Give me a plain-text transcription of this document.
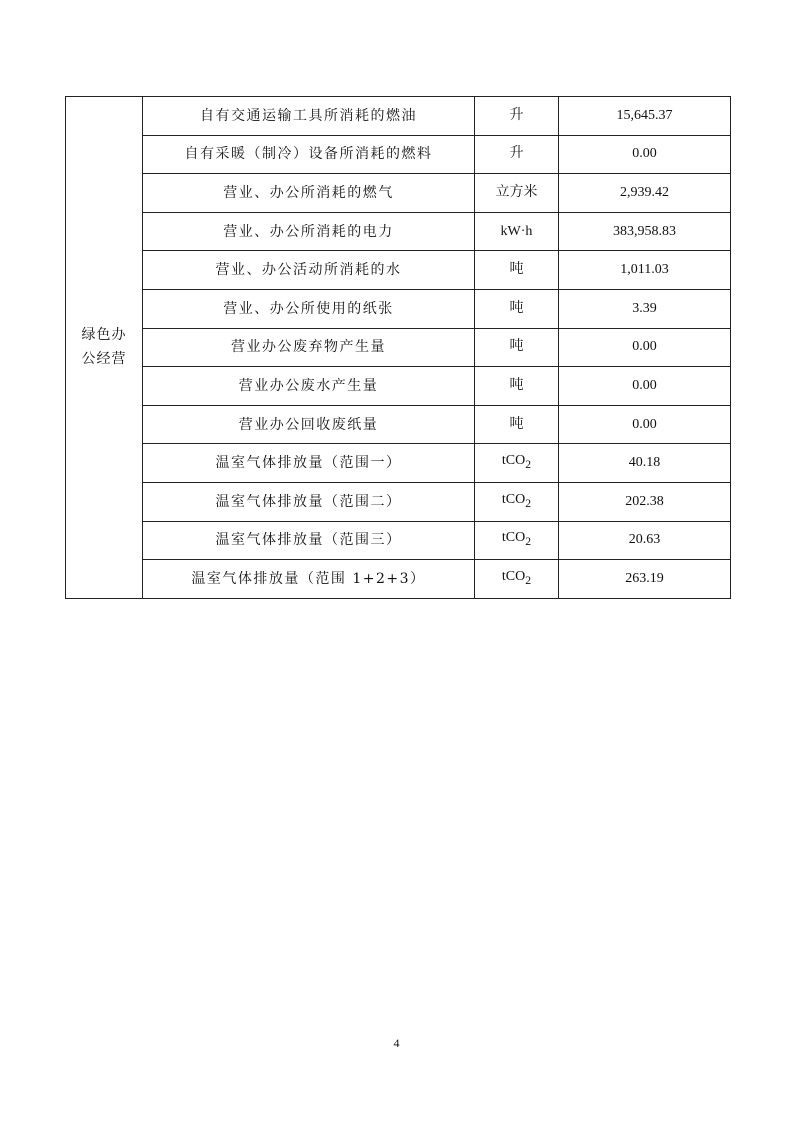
绿色办公经营	自有交通运输工具所消耗的燃油	升	15,645.37
	自有采暖（制冷）设备所消耗的燃料	升	0.00
	营业、办公所消耗的燃气	立方米	2,939.42
	营业、办公所消耗的电力	kW·h	383,958.83
	营业、办公活动所消耗的水	吨	1,011.03
	营业、办公所使用的纸张	吨	3.39
	营业办公废弃物产生量	吨	0.00
	营业办公废水产生量	吨	0.00
	营业办公回收废纸量	吨	0.00
	温室气体排放量（范围一）	tCO$_2$	40.18
	温室气体排放量（范围二）	tCO$_2$	202.38
	温室气体排放量（范围三）	tCO$_2$	20.63
	温室气体排放量（范围 1+2+3）	tCO$_2$	263.19
4
